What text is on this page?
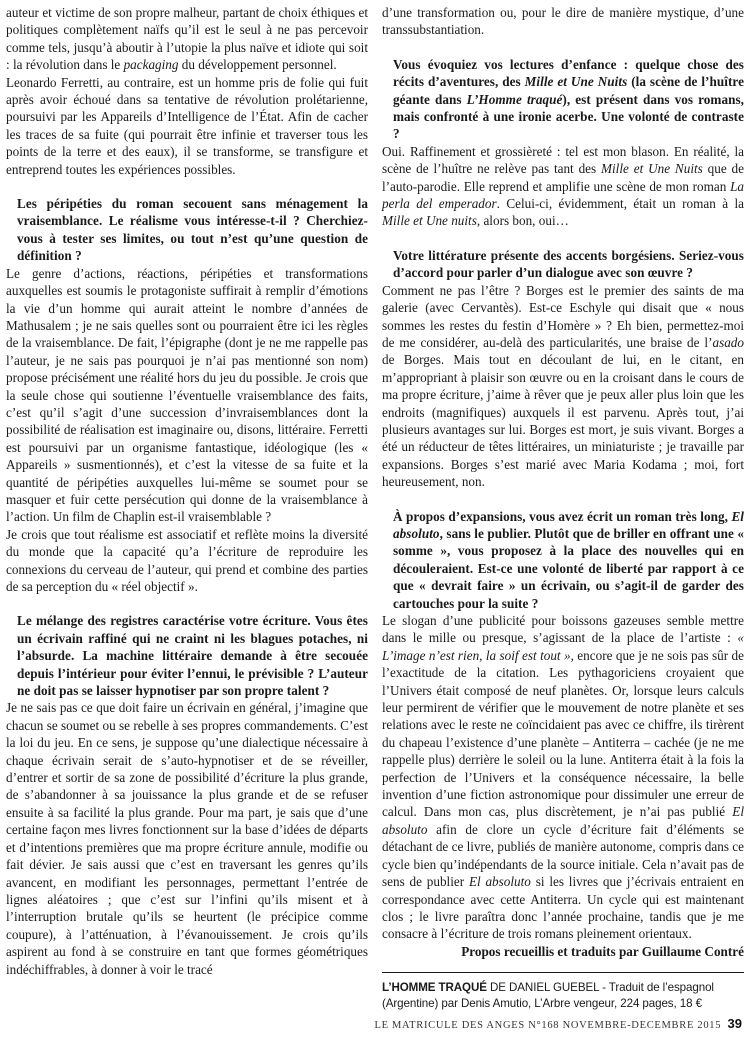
auteur et victime de son propre malheur, partant de choix éthiques et politiques complètement naïfs qu’il est le seul à ne pas percevoir comme tels, jusqu’à aboutir à l’utopie la plus naïve et idiote qui soit : la révolution dans le packaging du développement personnel.

Leonardo Ferretti, au contraire, est un homme pris de folie qui fuit après avoir échoué dans sa tentative de révolution prolétarienne, poursuivi par les Appareils d’Intelligence de l’État. Afin de cacher les traces de sa fuite (qui pourrait être infinie et traverser tous les points de la terre et des eaux), il se transforme, se transfigure et entreprend toutes les expériences possibles.

Les péripéties du roman secouent sans ménagement la vraisemblance. Le réalisme vous intéresse-t-il ? Cherchiez-vous à tester ses limites, ou tout n’est qu’une question de définition ?

Le genre d’actions, réactions, péripéties et transformations auxquelles est soumis le protagoniste suffirait à remplir d’émotions la vie d’un homme qui aurait atteint le nombre d’années de Mathusalem ; je ne sais quelles sont ou pourraient être ici les règles de la vraisemblance. De fait, l’épigraphe (dont je ne me rappelle pas l’auteur, je ne sais pas pourquoi je n’ai pas mentionné son nom) propose précisément une réalité hors du jeu du possible. Je crois que la seule chose qui soutienne l’éventuelle vraisemblance des faits, c’est qu’il s’agit d’une succession d’invraisemblances dont la possibilité de réalisation est imaginaire ou, disons, littéraire. Ferretti est poursuivi par un organisme fantastique, idéologique (les « Appareils » susmentionnés), et c’est la vitesse de sa fuite et la quantité de péripéties auxquelles lui-même se soumet pour se masquer et fuir cette persécution qui donne de la vraisemblance à l’action. Un film de Chaplin est-il vraisemblable ?

Je crois que tout réalisme est associatif et reflète moins la diversité du monde que la capacité qu’a l’écriture de reproduire les connexions du cerveau de l’auteur, qui prend et combine des parties de sa perception du « réel objectif ».

Le mélange des registres caractérise votre écriture. Vous êtes un écrivain raffiné qui ne craint ni les blagues potaches, ni l’absurde. La machine littéraire demande à être secouée depuis l’intérieur pour éviter l’ennui, le prévisible ? L’auteur ne doit pas se laisser hypnotiser par son propre talent ?

Je ne sais pas ce que doit faire un écrivain en général, j’imagine que chacun se soumet ou se rebelle à ses propres commandements. C’est la loi du jeu. En ce sens, je suppose qu’une dialectique nécessaire à chaque écrivain serait de s’auto-hypnotiser et de se réveiller, d’entrer et sortir de sa zone de possibilité d’écriture la plus grande, de s’abandonner à sa jouissance la plus grande et de se refuser ensuite à sa facilité la plus grande. Pour ma part, je sais que d’une certaine façon mes livres fonctionnent sur la base d’idées de départs et d’intentions premières que ma propre écriture annule, modifie ou fait dévier. Je sais aussi que c’est en traversant les genres qu’ils avancent, en modifiant les personnages, permettant l’entrée de lignes aléatoires ; que c’est sur l’infini qu’ils misent et à l’interruption brutale qu’ils se heurtent (le précipice comme coupure), à l’atténuation, à l’évanouissement. Je crois qu’ils aspirent au fond à se construire en tant que formes géométriques indéchiffrables, à donner à voir le tracé

d’une transformation ou, pour le dire de manière mystique, d’une transsubstantiation.

Vous évoquiez vos lectures d’enfance : quelque chose des récits d’aventures, des Mille et Une Nuits (la scène de l’huître géante dans L’Homme traqué), est présent dans vos romans, mais confronté à une ironie acerbe. Une volonté de contraste ?

Oui. Raffinement et grossièreté : tel est mon blason. En réalité, la scène de l’huître ne relève pas tant des Mille et Une Nuits que de l’auto-parodie. Elle reprend et amplifie une scène de mon roman La perla del emperador. Celui-ci, évidemment, était un roman à la Mille et Une nuits, alors bon, oui…

Votre littérature présente des accents borgésiens. Seriez-vous d’accord pour parler d’un dialogue avec son œuvre ?

Comment ne pas l’être ? Borges est le premier des saints de ma galerie (avec Cervantès). Est-ce Eschyle qui disait que « nous sommes les restes du festin d’Homère » ? Eh bien, permettez-moi de me considérer, au-delà des particularités, une braise de l’asado de Borges. Mais tout en découlant de lui, en le citant, en m’appropriant à plaisir son œuvre ou en la croisant dans le cours de ma propre écriture, j’aime à rêver que je peux aller plus loin que les endroits (magnifiques) auxquels il est parvenu. Après tout, j’ai plusieurs avantages sur lui. Borges est mort, je suis vivant. Borges a été un réducteur de têtes littéraires, un miniaturiste ; je travaille par expansions. Borges s’est marié avec Maria Kodama ; moi, fort heureusement, non.

À propos d’expansions, vous avez écrit un roman très long, El absoluto, sans le publier. Plutôt que de briller en offrant une « somme », vous proposez à la place des nouvelles qui en découleraient. Est-ce une volonté de liberté par rapport à ce que « devrait faire » un écrivain, ou s’agit-il de garder des cartouches pour la suite ?

Le slogan d’une publicité pour boissons gazeuses semble mettre dans le mille ou presque, s’agissant de la place de l’artiste : « L’image n’est rien, la soif est tout », encore que je ne sois pas sûr de l’exactitude de la citation. Les pythagoriciens croyaient que l’Univers était composé de neuf planètes. Or, lorsque leurs calculs leur permirent de vérifier que le mouvement de notre planète et ses relations avec le reste ne coïncidaient pas avec ce chiffre, ils tirèrent du chapeau l’existence d’une planète – Antiterra – cachée (je ne me rappelle plus) derrière le soleil ou la lune. Antiterra était à la fois la perfection de l’Univers et la conséquence nécessaire, la belle invention d’une fiction astronomique pour dissimuler une erreur de calcul. Dans mon cas, plus discrètement, je n’ai pas publié El absoluto afin de clore un cycle d’écriture fait d’éléments se détachant de ce livre, publiés de manière autonome, compris dans ce cycle bien qu’indépendants de la source initiale. Cela n’avait pas de sens de publier El absoluto si les livres que j’écrivais entraient en correspondance avec cette Antiterra. Un cycle qui est maintenant clos ; le livre paraîtra donc l’année prochaine, tandis que je me consacre à l’écriture de trois romans pleinement orientaux.

Propos recueillis et traduits par Guillaume Contré

L’HOMME TRAQUÉ DE DANIEL GUEBEL - Traduit de l’espagnol (Argentine) par Denis Amutio, L’Arbre vengeur, 224 pages, 18 €

LE MATRICULE DES ANGES N°168 NOVEMBRE-DECEMBRE 2015 39
